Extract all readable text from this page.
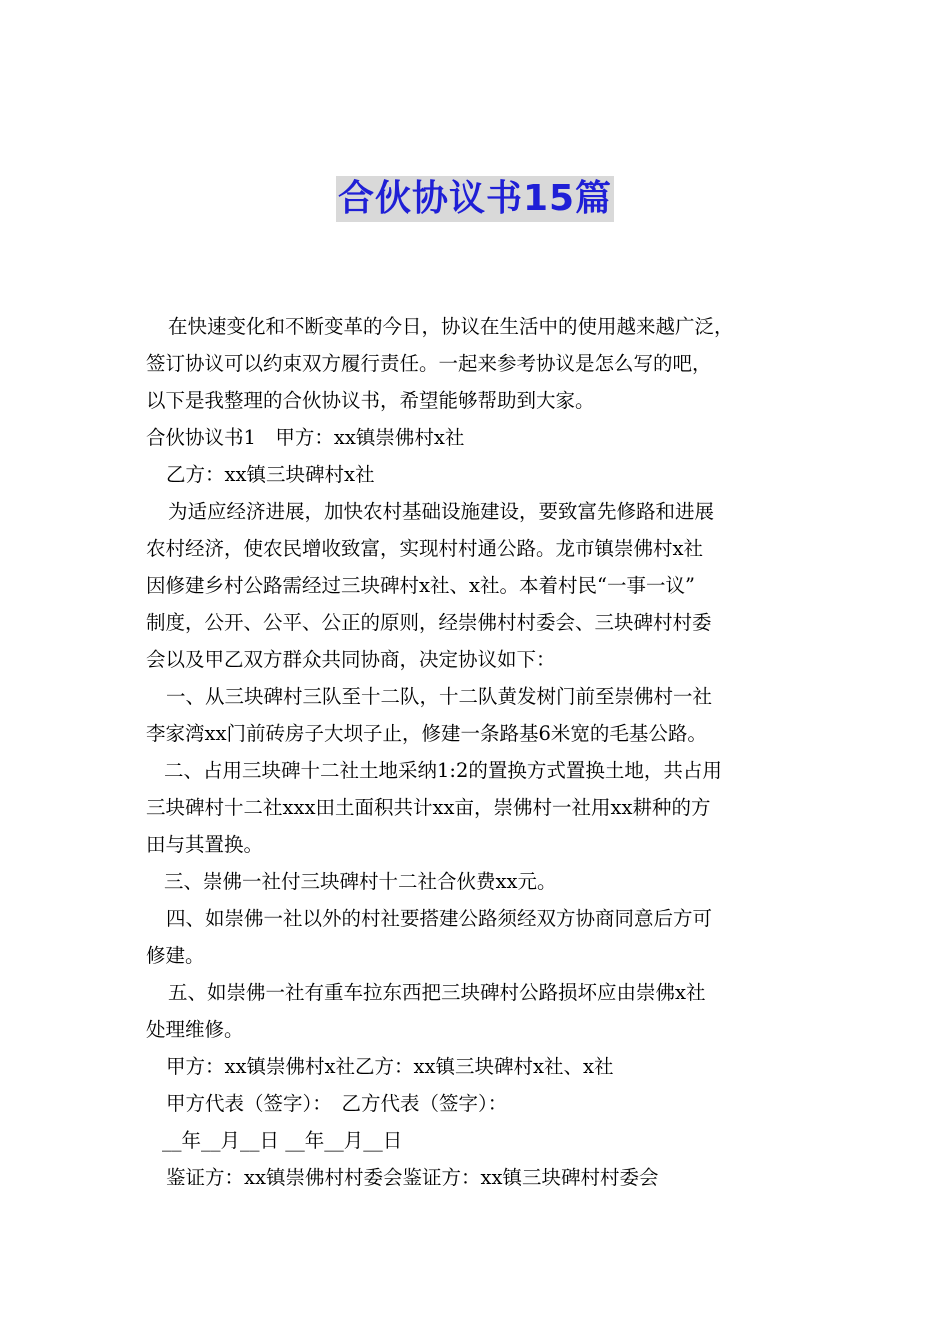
合伙协议书15篇
在快速变化和不断变革的今日，协议在生活中的使用越来越广泛，
签订协议可以约束双方履行责任。一起来参考协议是怎么写的吧，
以下是我整理的合伙协议书，希望能够帮助到大家。
合伙协议书1　甲方：xx镇崇佛村x社
乙方：xx镇三块碑村x社
为适应经济进展，加快农村基础设施建设，要致富先修路和进展
农村经济，使农民增收致富，实现村村通公路。龙市镇崇佛村x社
因修建乡村公路需经过三块碑村x社、x社。本着村民“一事一议”
制度，公开、公平、公正的原则，经崇佛村村委会、三块碑村村委
会以及甲乙双方群众共同协商，决定协议如下：
一、从三块碑村三队至十二队，十二队黄发树门前至崇佛村一社
李家湾xx门前砖房子大坝子止，修建一条路基6米宽的毛基公路。
二、占用三块碑十二社土地采纳1:2的置换方式置换土地，共占用
三块碑村十二社xxx田土面积共计xx亩，崇佛村一社用xx耕种的方
田与其置换。
三、崇佛一社付三块碑村十二社合伙费xx元。
四、如崇佛一社以外的村社要搭建公路须经双方协商同意后方可
修建。
五、如崇佛一社有重车拉东西把三块碑村公路损坏应由崇佛x社
处理维修。
甲方：xx镇崇佛村x社乙方：xx镇三块碑村x社、x社
甲方代表（签字）：　乙方代表（签字）：
__年__月__日 __年__月__日
鉴证方：xx镇崇佛村村委会鉴证方：xx镇三块碑村村委会
